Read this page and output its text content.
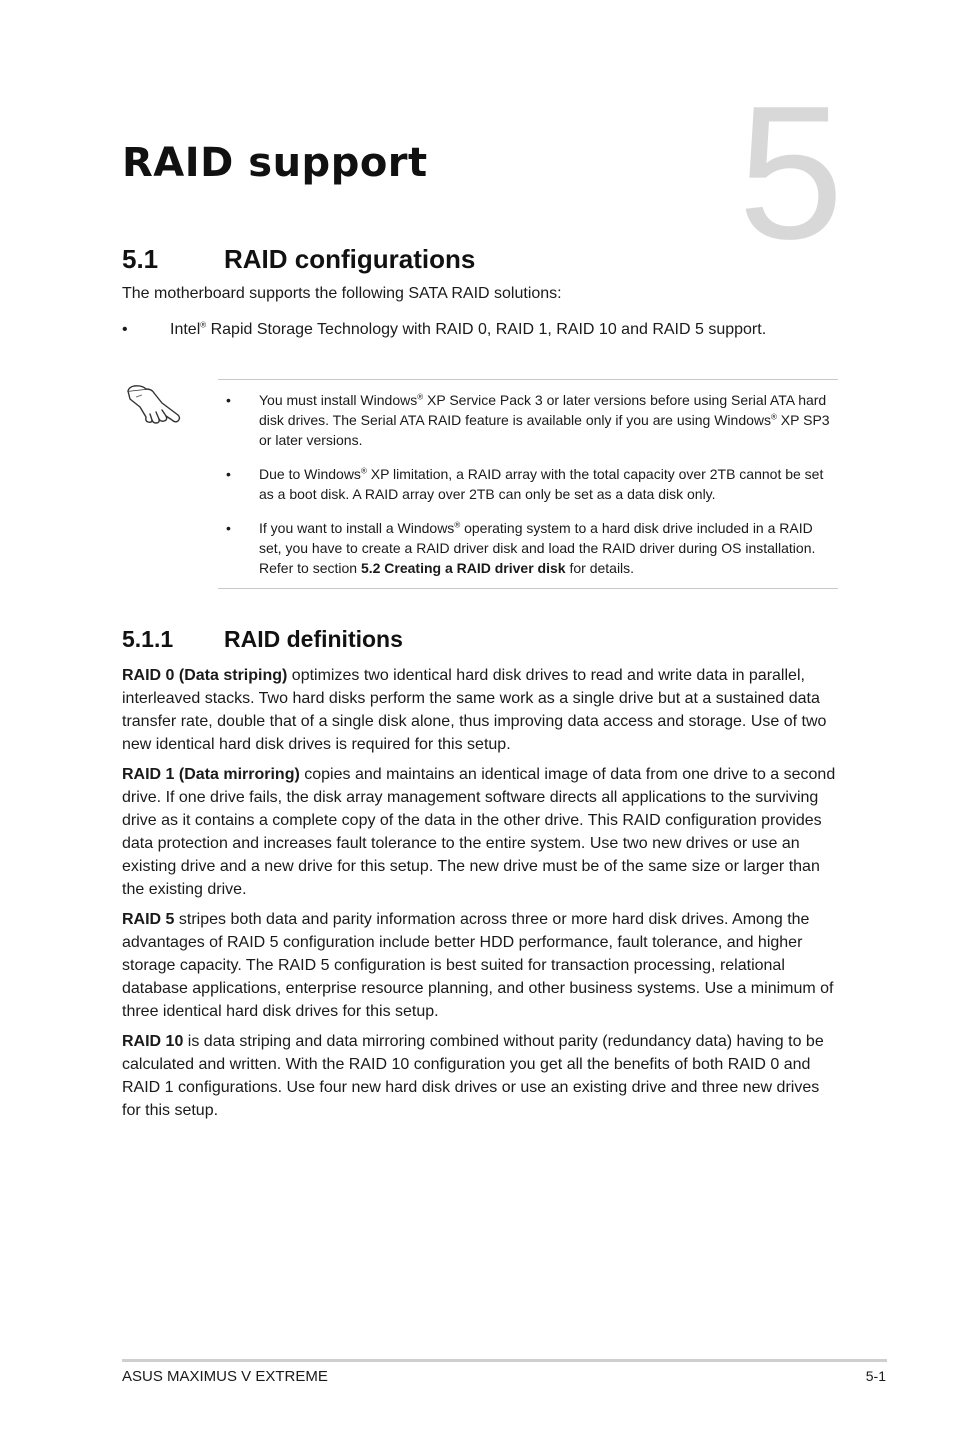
5
RAID support
5.1	RAID configurations
The motherboard supports the following SATA RAID solutions:
•	Intel® Rapid Storage Technology with RAID 0, RAID 1, RAID 10 and RAID 5 support.
• You must install Windows® XP Service Pack 3 or later versions before using Serial ATA hard disk drives. The Serial ATA RAID feature is available only if you are using Windows® XP SP3 or later versions.
• Due to Windows® XP limitation, a RAID array with the total capacity over 2TB cannot be set as a boot disk. A RAID array over 2TB can only be set as a data disk only.
• If you want to install a Windows® operating system to a hard disk drive included in a RAID set, you have to create a RAID driver disk and load the RAID driver during OS installation. Refer to section 5.2 Creating a RAID driver disk for details.
5.1.1 RAID definitions

RAID 0 (Data striping) optimizes two identical hard disk drives to read and write data in parallel, interleaved stacks. Two hard disks perform the same work as a single drive but at a sustained data transfer rate, double that of a single disk alone, thus improving data access and storage. Use of two new identical hard disk drives is required for this setup.

RAID 1 (Data mirroring) copies and maintains an identical image of data from one drive to a second drive. If one drive fails, the disk array management software directs all applications to the surviving drive as it contains a complete copy of the data in the other drive. This RAID configuration provides data protection and increases fault tolerance to the entire system. Use two new drives or use an existing drive and a new drive for this setup. The new drive must be of the same size or larger than the existing drive.

RAID 5 stripes both data and parity information across three or more hard disk drives. Among the advantages of RAID 5 configuration include better HDD performance, fault tolerance, and higher storage capacity. The RAID 5 configuration is best suited for transaction processing, relational database applications, enterprise resource planning, and other business systems. Use a minimum of three identical hard disk drives for this setup.

RAID 10 is data striping and data mirroring combined without parity (redundancy data) having to be calculated and written. With the RAID 10 configuration you get all the benefits of both RAID 0 and RAID 1 configurations. Use four new hard disk drives or use an existing drive and three new drives for this setup.

ASUS MAXIMUS V EXTREME	5-1
